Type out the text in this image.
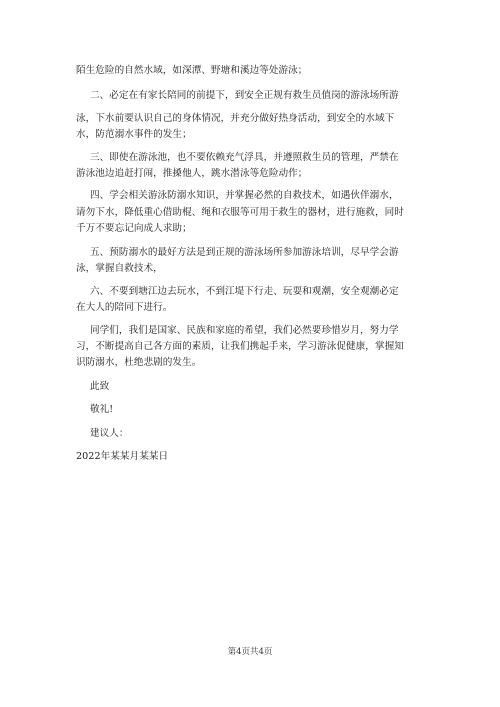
陌生危险的自然水域，如深潭、野塘和溪边等处游泳；
二、必定在有家长陪同的前提下，到安全正规有救生员值岗的游泳场所游
泳，下水前要认识自己的身体情况，并充分做好热身活动，到安全的水域下
水，防范溺水事件的发生；
三、即使在游泳池，也不要依赖充气浮具，并遵照救生员的管理，严禁在
游泳池边追赶打闹，推搡他人，跳水潜泳等危险动作；
四、学会相关游泳防溺水知识，并掌握必然的自救技术，如遇伙伴溺水，
请勿下水，降低重心借助棍、绳和衣服等可用于救生的器材，进行施救，同时
千万不要忘记向成人求助；
五、预防溺水的最好方法是到正规的游泳场所参加游泳培训，尽早学会游
泳，掌握自救技术，
六、不要到塘江边去玩水，不到江堤下行走、玩耍和观潮，安全观潮必定
在大人的陪同下进行。
同学们，我们是国家、民族和家庭的希望，我们必然要珍惜岁月，努力学
习，不断提高自己各方面的素质，让我们携起手来，学习游泳促健康，掌握知
识防溺水，杜绝悲剧的发生。
此致
敬礼!
建议人：
2022年某某月某某日
第4页共4页
